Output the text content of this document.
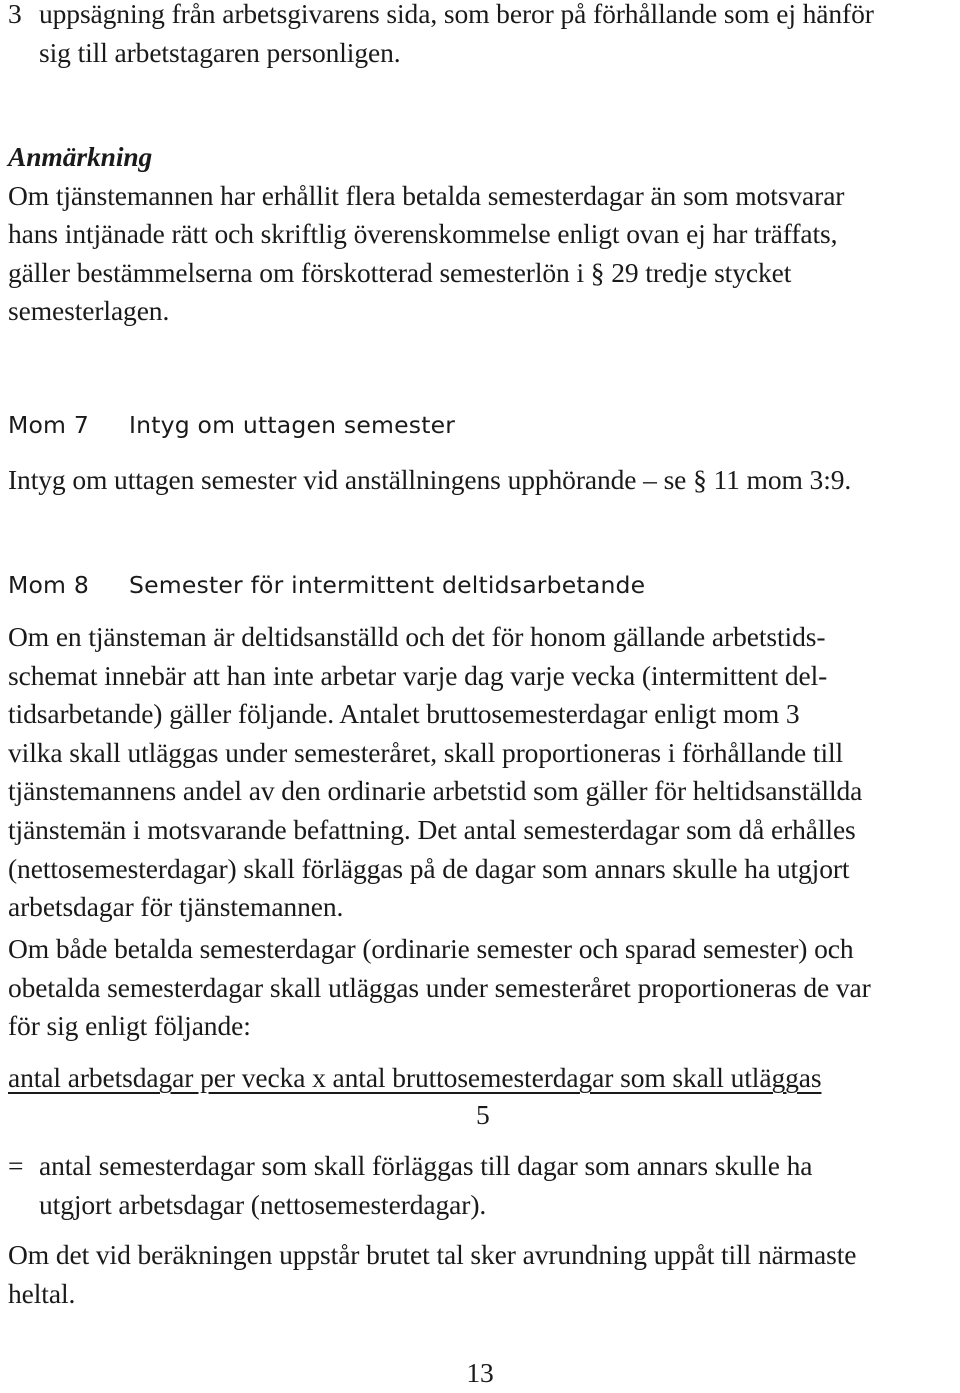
3 uppsägning från arbetsgivarens sida, som beror på förhållande som ej hänför
sig till arbetstagaren personligen.
Anmärkning
Om tjänstemannen har erhållit flera betalda semesterdagar än som motsvarar
hans intjänade rätt och skriftlig överenskommelse enligt ovan ej har träffats,
gäller bestämmelserna om förskotterad semesterlön i § 29 tredje stycket
semesterlagen.
Mom 7 Intyg om uttagen semester
Intyg om uttagen semester vid anställningens upphörande – se § 11 mom 3:9.
Mom 8 Semester för intermittent deltidsarbetande
Om en tjänsteman är deltidsanställd och det för honom gällande arbetstids-
schemat innebär att han inte arbetar varje dag varje vecka (intermittent del-
tidsarbetande) gäller följande. Antalet bruttosemesterdagar enligt mom 3
vilka skall utläggas under semesteråret, skall proportioneras i förhållande till
tjänstemannens andel av den ordinarie arbetstid som gäller för heltidsanställda
tjänstemän i motsvarande befattning. Det antal semesterdagar som då erhålles
(nettosemesterdagar) skall förläggas på de dagar som annars skulle ha utgjort
arbetsdagar för tjänstemannen.
Om både betalda semesterdagar (ordinarie semester och sparad semester) och
obetalda semesterdagar skall utläggas under semesteråret proportioneras de var
för sig enligt följande:
antal arbetsdagar per vecka x antal bruttosemesterdagar som skall utläggas
5
= antal semesterdagar som skall förläggas till dagar som annars skulle ha
utgjort arbetsdagar (nettosemesterdagar).
Om det vid beräkningen uppstår brutet tal sker avrundning uppåt till närmaste
heltal.
13
